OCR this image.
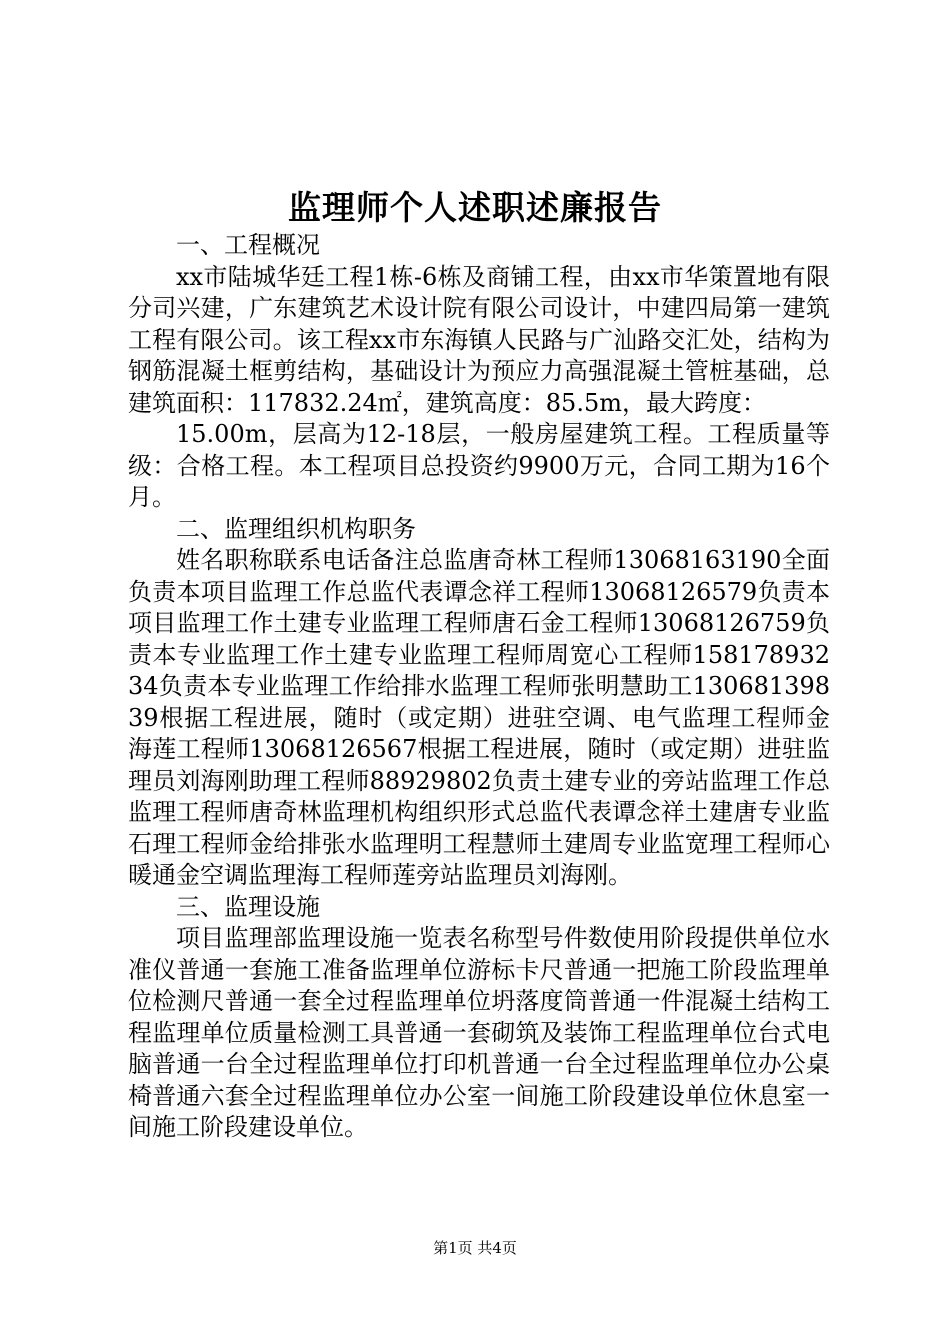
监理师个人述职述廉报告

一、工程概况

xx市陆城华廷工程1栋-6栋及商铺工程，由xx市华策置地有限分司兴建，广东建筑艺术设计院有限公司设计，中建四局第一建筑工程有限公司。该工程xx市东海镇人民路与广汕路交汇处，结构为钢筋混凝土框剪结构，基础设计为预应力高强混凝土管桩基础，总建筑面积：117832.24㎡，建筑高度：85.5m，最大跨度：

15.00m，层高为12-18层，一般房屋建筑工程。工程质量等级：合格工程。本工程项目总投资约9900万元，合同工期为16个月。

二、监理组织机构职务

姓名职称联系电话备注总监唐奇林工程师13068163190全面负责本项目监理工作总监代表谭念祥工程师13068126579负责本项目监理工作土建专业监理工程师唐石金工程师13068126759负责本专业监理工作土建专业监理工程师周宽心工程师15817893234负责本专业监理工作给排水监理工程师张明慧助工13068139839根据工程进展，随时（或定期）进驻空调、电气监理工程师金海莲工程师13068126567根据工程进展，随时（或定期）进驻监理员刘海刚助理工程师88929802负责土建专业的旁站监理工作总监理工程师唐奇林监理机构组织形式总监代表谭念祥土建唐专业监石理工程师金给排张水监理明工程慧师土建周专业监宽理工程师心暖通金空调监理海工程师莲旁站监理员刘海刚。

三、监理设施

项目监理部监理设施一览表名称型号件数使用阶段提供单位水准仪普通一套施工准备监理单位游标卡尺普通一把施工阶段监理单位检测尺普通一套全过程监理单位坍落度筒普通一件混凝土结构工程监理单位质量检测工具普通一套砌筑及装饰工程监理单位台式电脑普通一台全过程监理单位打印机普通一台全过程监理单位办公桌椅普通六套全过程监理单位办公室一间施工阶段建设单位休息室一间施工阶段建设单位。

第1页 共4页
